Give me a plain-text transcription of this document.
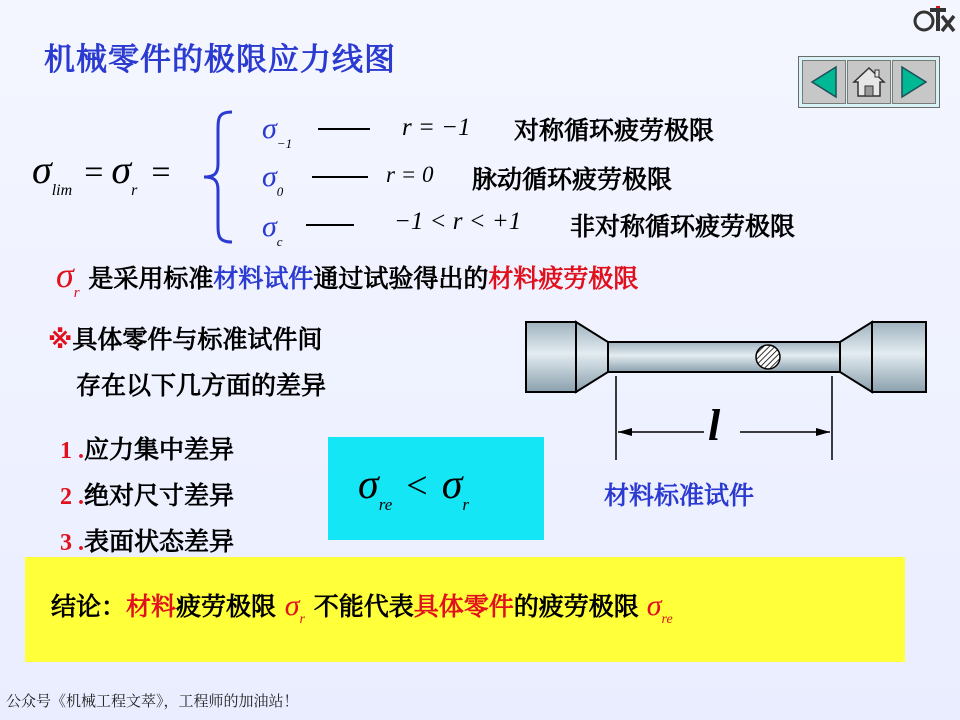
机械零件的极限应力线图
σlim = σr =
$\sigma_{-1}$
r = −1 对称循环疲劳极限
$\sigma_0$
r = 0 脉动循环疲劳极限
$\sigma_c$
−1 < r < +1 非对称循环疲劳极限
σr 是采用标准材料试件通过试验得出的材料疲劳极限
※具体零件与标准试件间
存在以下几方面的差异
1 .应力集中差异
2 .绝对尺寸差异
3 .表面状态差异
σre < σr
l
材料标准试件
结论：材料疲劳极限 σr 不能代表具体零件的疲劳极限 σre
公众号《机械工程文萃》，工程师的加油站！
